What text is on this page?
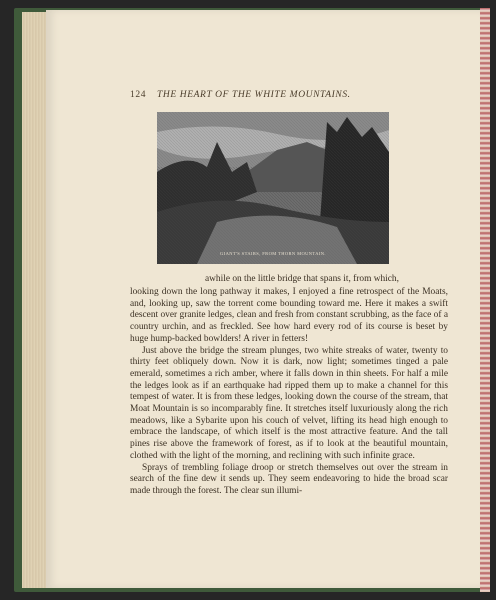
124 THE HEART OF THE WHITE MOUNTAINS.
GIANT'S STAIRS, FROM THORN MOUNTAIN.
awhile on the little bridge that spans it, from which,

looking down the long pathway it makes, I enjoyed a fine retrospect of the Moats, and, looking up, saw the torrent come bounding toward me. Here it makes a swift descent over granite ledges, clean and fresh from constant scrubbing, as the face of a country urchin, and as freckled. See how hard every rod of its course is beset by huge hump-backed bowlders! A river in fetters!

Just above the bridge the stream plunges, two white streaks of water, twenty to thirty feet obliquely down. Now it is dark, now light; sometimes tinged a pale emerald, sometimes a rich amber, where it falls down in thin sheets. For half a mile the ledges look as if an earthquake had ripped them up to make a channel for this tempest of water. It is from these ledges, looking down the course of the stream, that Moat Mountain is so incomparably fine. It stretches itself luxuriously along the rich meadows, like a Sybarite upon his couch of velvet, lifting its head high enough to embrace the landscape, of which itself is the most attractive feature. And the tall pines rise above the framework of forest, as if to look at the beautiful mountain, clothed with the light of the morning, and reclining with such infinite grace.

Sprays of trembling foliage droop or stretch themselves out over the stream in search of the fine dew it sends up. They seem endeavoring to hide the broad scar made through the forest. The clear sun illumi-
